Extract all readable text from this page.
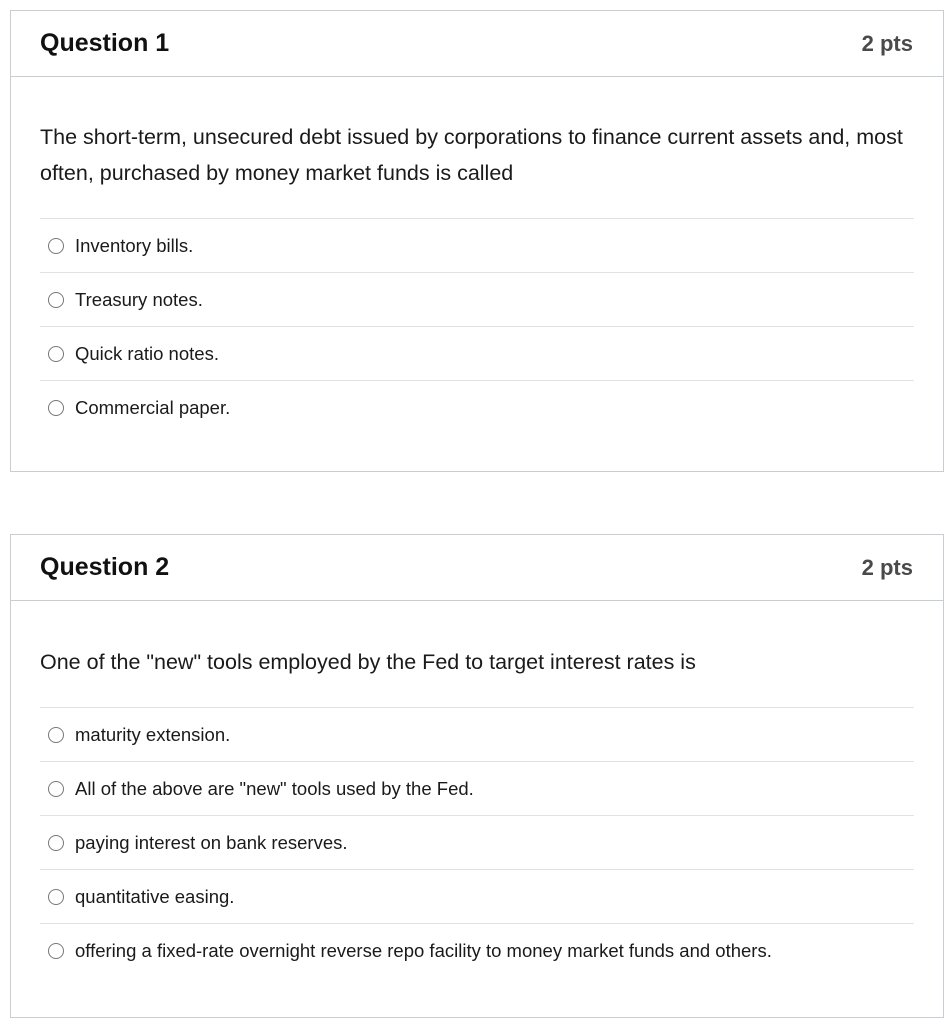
Question 1	2 pts
The short-term, unsecured debt issued by corporations to finance current assets and, most often, purchased by money market funds is called
Inventory bills.
Treasury notes.
Quick ratio notes.
Commercial paper.
Question 2	2 pts
One of the "new" tools employed by the Fed to target interest rates is
maturity extension.
All of the above are "new" tools used by the Fed.
paying interest on bank reserves.
quantitative easing.
offering a fixed-rate overnight reverse repo facility to money market funds and others.
